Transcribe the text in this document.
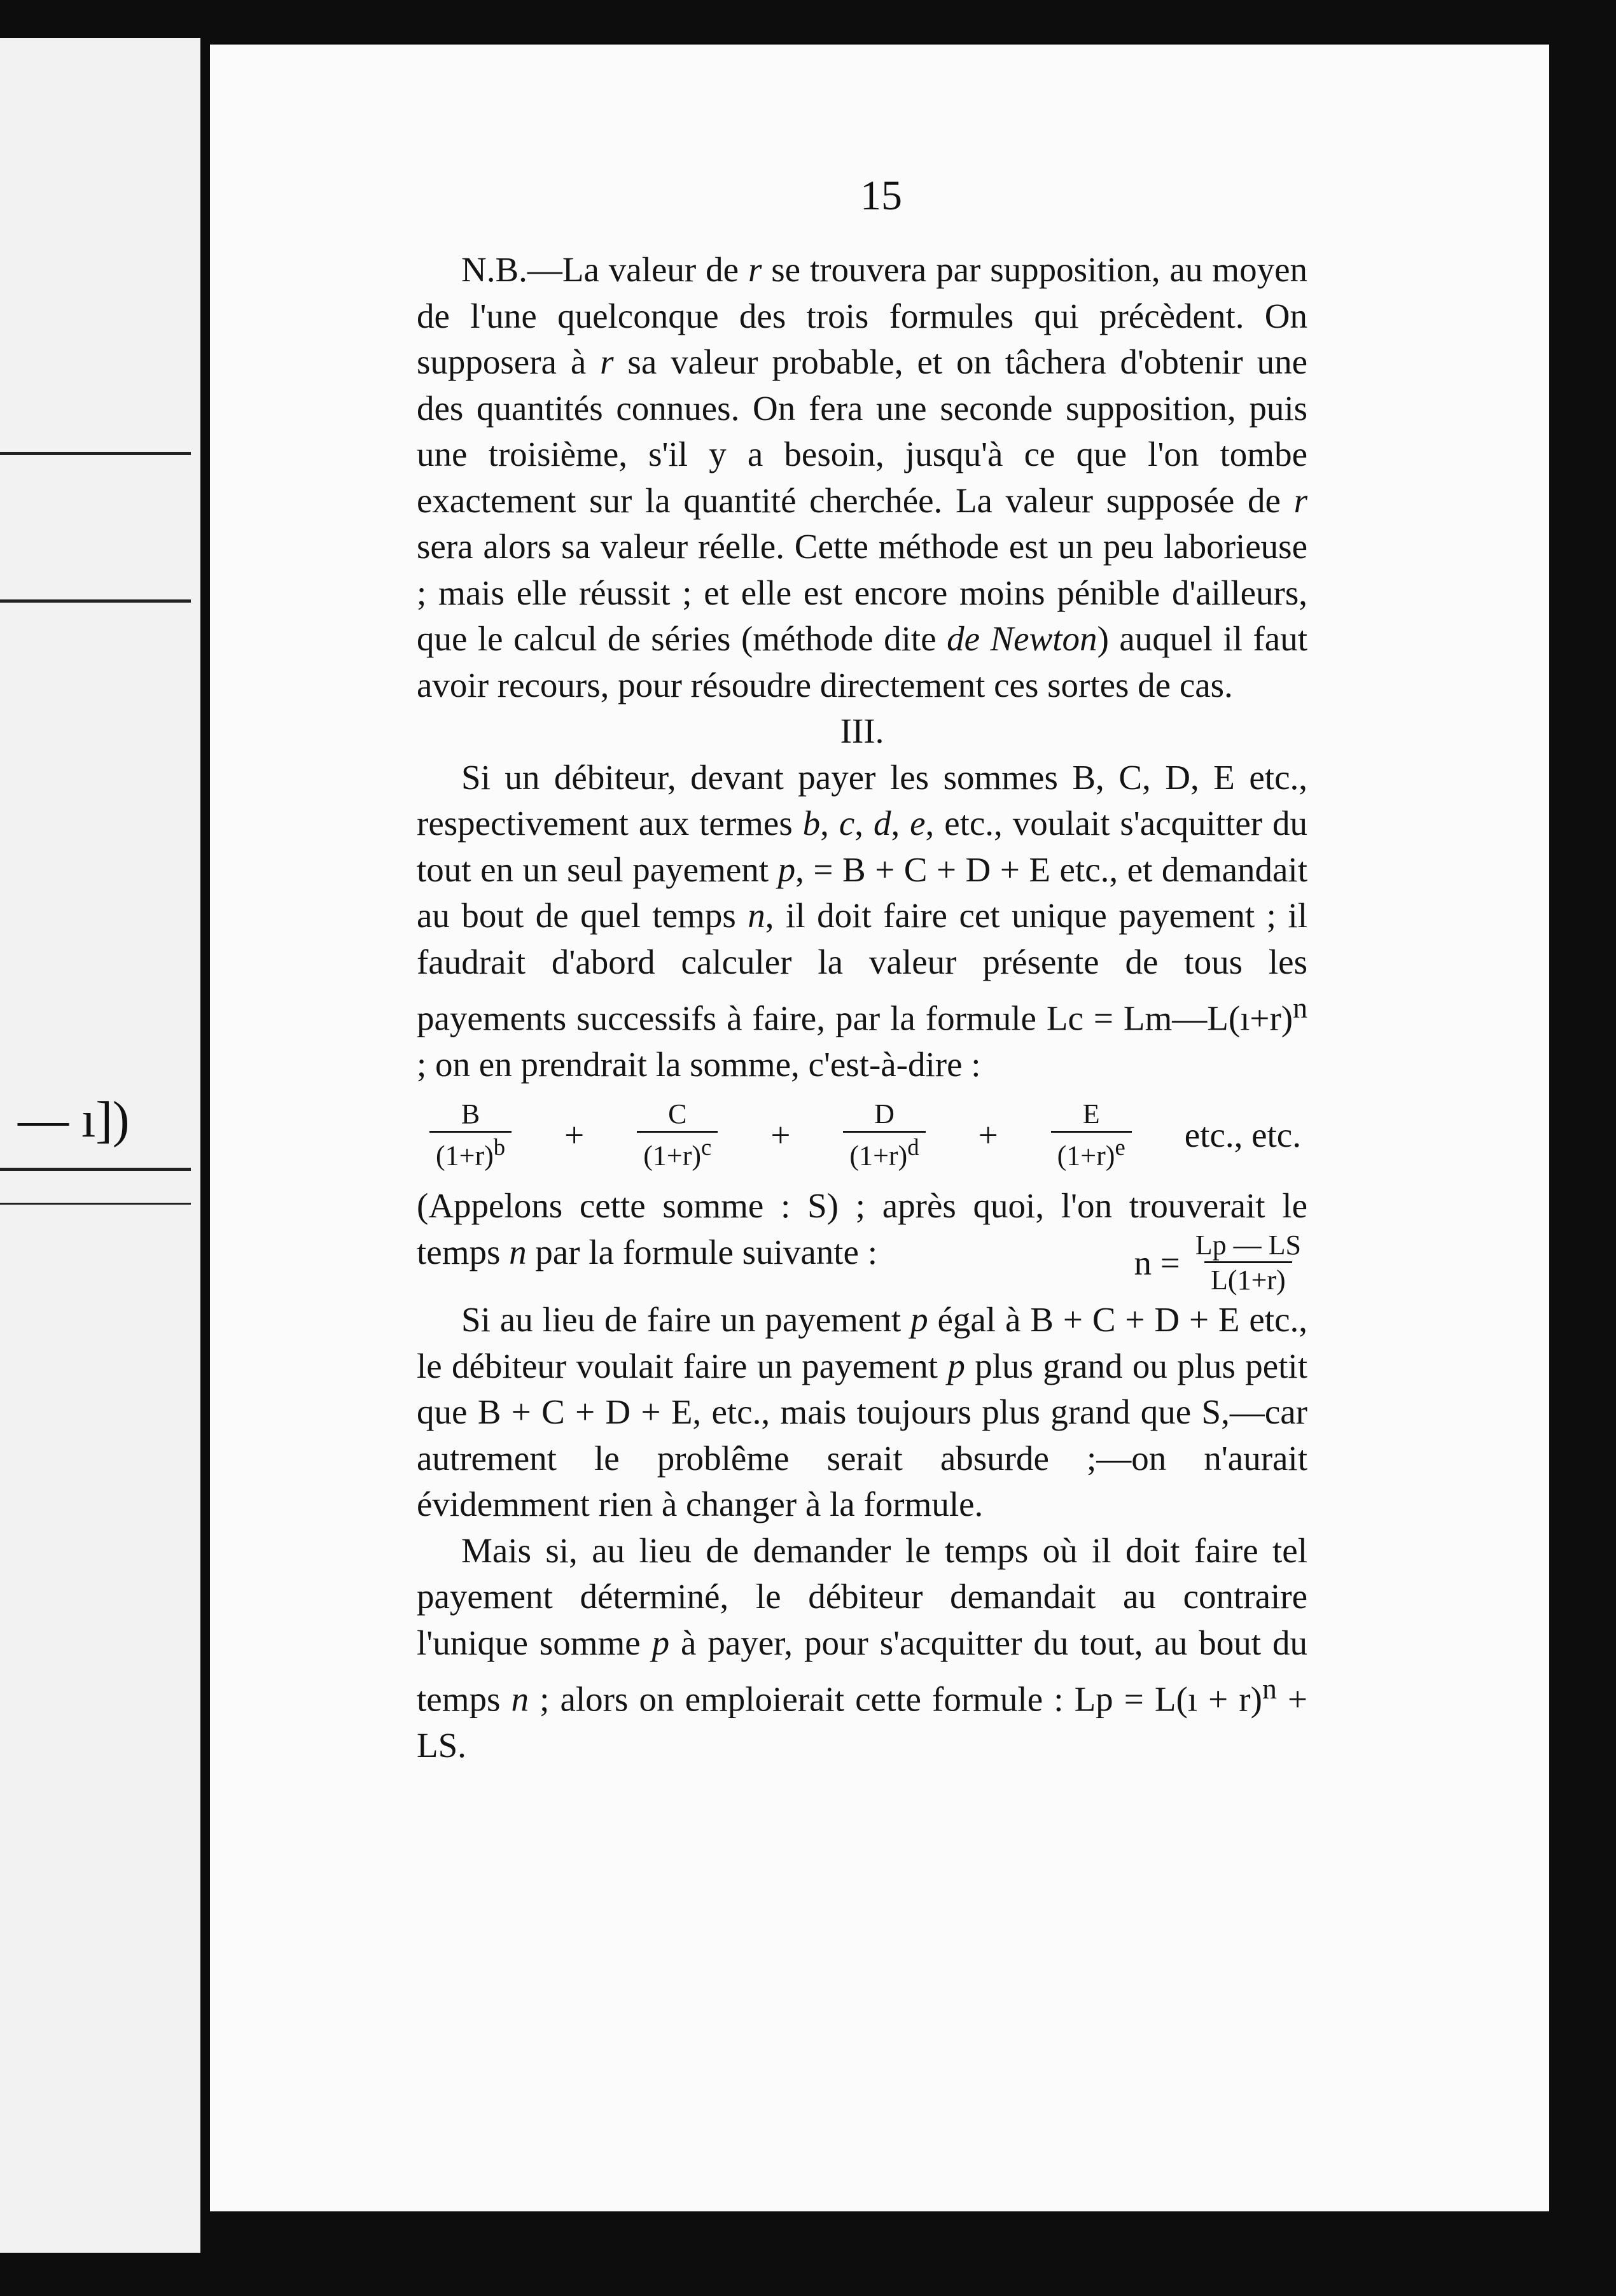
— ı])
15

N.B.—La valeur de r se trouvera par supposition, au moyen de l'une quelconque des trois formules qui précèdent. On supposera à r sa valeur probable, et on tâchera d'obtenir une des quantités connues. On fera une seconde supposition, puis une troisième, s'il y a besoin, jusqu'à ce que l'on tombe exactement sur la quantité cherchée. La valeur supposée de r sera alors sa valeur réelle. Cette méthode est un peu laborieuse ; mais elle réussit ; et elle est encore moins pénible d'ailleurs, que le calcul de séries (méthode dite de Newton) auquel il faut avoir recours, pour résoudre directement ces sortes de cas.

III.

Si un débiteur, devant payer les sommes B, C, D, E etc., respectivement aux termes b, c, d, e, etc., voulait s'acquitter du tout en un seul payement p, = B + C + D + E etc., et demandait au bout de quel temps n, il doit faire cet unique payement ; il faudrait d'abord calculer la valeur présente de tous les payements successifs à faire, par la formule Lc = Lm—L(ı+r)$^n$ ; on en prendrait la somme, c'est-à-dire :

$\frac{B}{(1+r)^b} + \frac{C}{(1+r)^c} + \frac{D}{(1+r)^d} + \frac{E}{(1+r)^e}$ etc., etc.

(Appelons cette somme : S) ; après quoi, l'on trouverait le temps n par la formule suivante :	$n = \frac{Lp — LS}{L(1+r)}$

Si au lieu de faire un payement p égal à B + C + D + E etc., le débiteur voulait faire un payement p plus grand ou plus petit que B + C + D + E, etc., mais toujours plus grand que S,—car autrement le problême serait absurde ;—on n'aurait évidemment rien à changer à la formule.

Mais si, au lieu de demander le temps où il doit faire tel payement déterminé, le débiteur demandait au contraire l'unique somme p à payer, pour s'acquitter du tout, au bout du temps n ; alors on emploierait cette formule : Lp = L(ı + r)$^n$ + LS.
